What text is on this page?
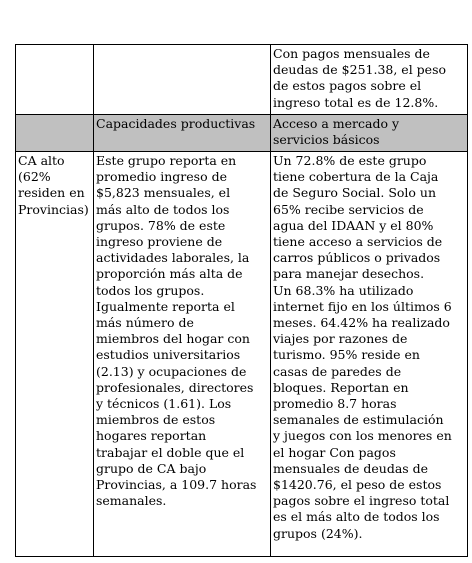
Con pagos mensuales de
deudas de $251.38, el peso
de estos pagos sobre el
ingreso total es de 12.8%.
Capacidades productivas	Acceso a mercado y
servicios básicos
CA alto
(62%
residen en
Provincias)
Este grupo reporta en
promedio ingreso de
$5,823 mensuales, el
más alto de todos los
grupos. 78% de este
ingreso proviene de
actividades laborales, la
proporción más alta de
todos los grupos.
Igualmente reporta el
más número de
miembros del hogar con
estudios universitarios
(2.13) y ocupaciones de
profesionales, directores
y técnicos (1.61). Los
miembros de estos
hogares reportan
trabajar el doble que el
grupo de CA bajo
Provincias, a 109.7 horas
semanales.
Un 72.8% de este grupo
tiene cobertura de la Caja
de Seguro Social. Solo un
65% recibe servicios de
agua del IDAAN y el 80%
tiene acceso a servicios de
carros públicos o privados
para manejar desechos.
Un 68.3% ha utilizado
internet fijo en los últimos 6
meses. 64.42% ha realizado
viajes por razones de
turismo. 95% reside en
casas de paredes de
bloques. Reportan en
promedio 8.7 horas
semanales de estimulación
y juegos con los menores en
el hogar Con pagos
mensuales de deudas de
$1420.76, el peso de estos
pagos sobre el ingreso total
es el más alto de todos los
grupos (24%).
